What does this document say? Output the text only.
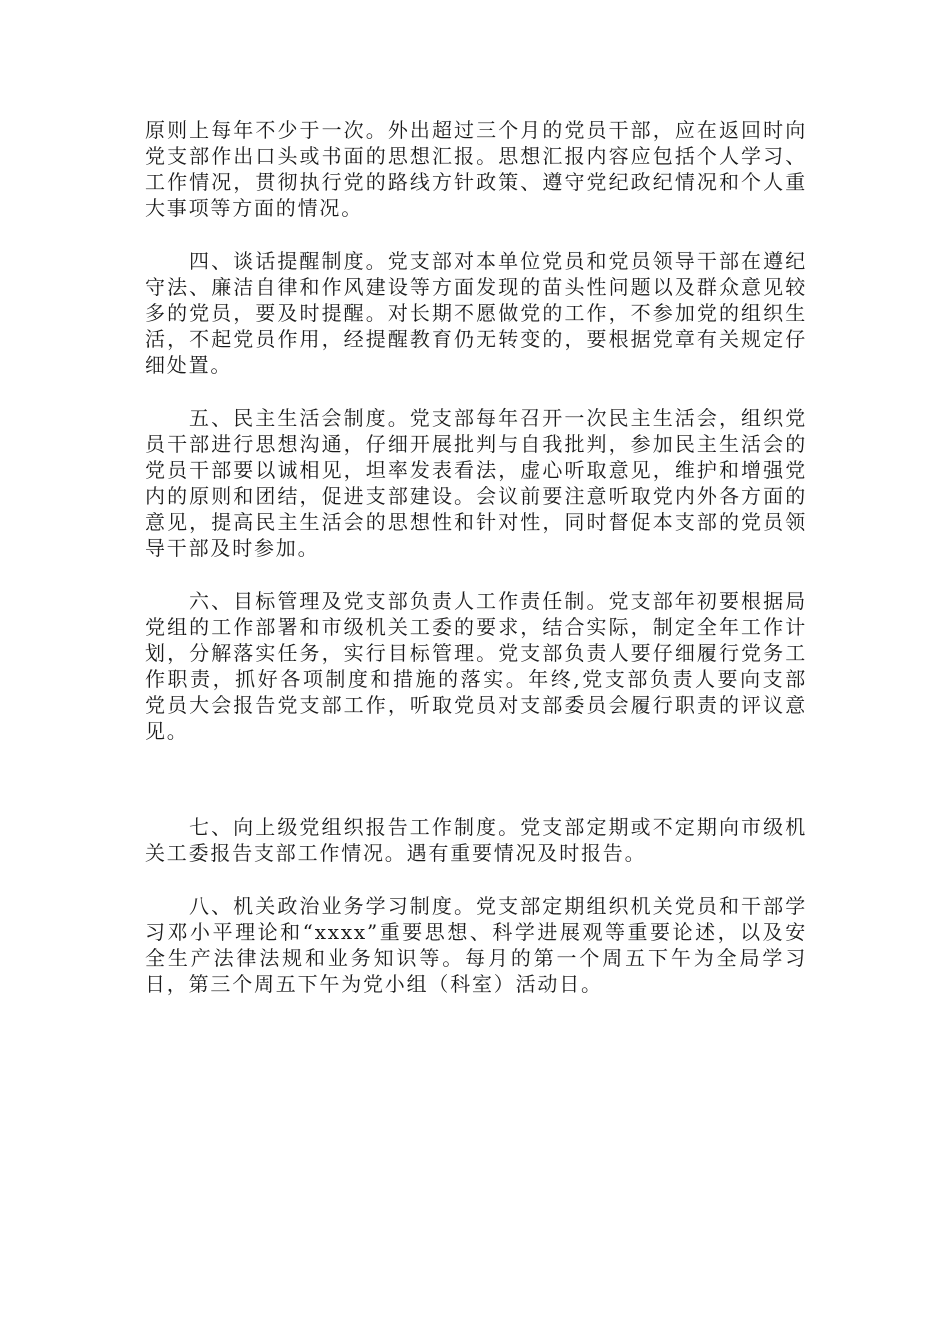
原则上每年不少于一次。外出超过三个月的党员干部，应在返回时向党支部作出口头或书面的思想汇报。思想汇报内容应包括个人学习、工作情况，贯彻执行党的路线方针政策、遵守党纪政纪情况和个人重大事项等方面的情况。

四、谈话提醒制度。党支部对本单位党员和党员领导干部在遵纪守法、廉洁自律和作风建设等方面发现的苗头性问题以及群众意见较多的党员，要及时提醒。对长期不愿做党的工作，不参加党的组织生活，不起党员作用，经提醒教育仍无转变的，要根据党章有关规定仔细处置。

五、民主生活会制度。党支部每年召开一次民主生活会，组织党员干部进行思想沟通，仔细开展批判与自我批判，参加民主生活会的党员干部要以诚相见，坦率发表看法，虚心听取意见，维护和增强党内的原则和团结，促进支部建设。会议前要注意听取党内外各方面的意见，提高民主生活会的思想性和针对性，同时督促本支部的党员领导干部及时参加。

六、目标管理及党支部负责人工作责任制。党支部年初要根据局党组的工作部署和市级机关工委的要求，结合实际，制定全年工作计划，分解落实任务，实行目标管理。党支部负责人要仔细履行党务工作职责，抓好各项制度和措施的落实。年终,党支部负责人要向支部党员大会报告党支部工作，听取党员对支部委员会履行职责的评议意见。

七、向上级党组织报告工作制度。党支部定期或不定期向市级机关工委报告支部工作情况。遇有重要情况及时报告。

八、机关政治业务学习制度。党支部定期组织机关党员和干部学习邓小平理论和“xxxx”重要思想、科学进展观等重要论述，以及安全生产法律法规和业务知识等。每月的第一个周五下午为全局学习日，第三个周五下午为党小组（科室）活动日。
